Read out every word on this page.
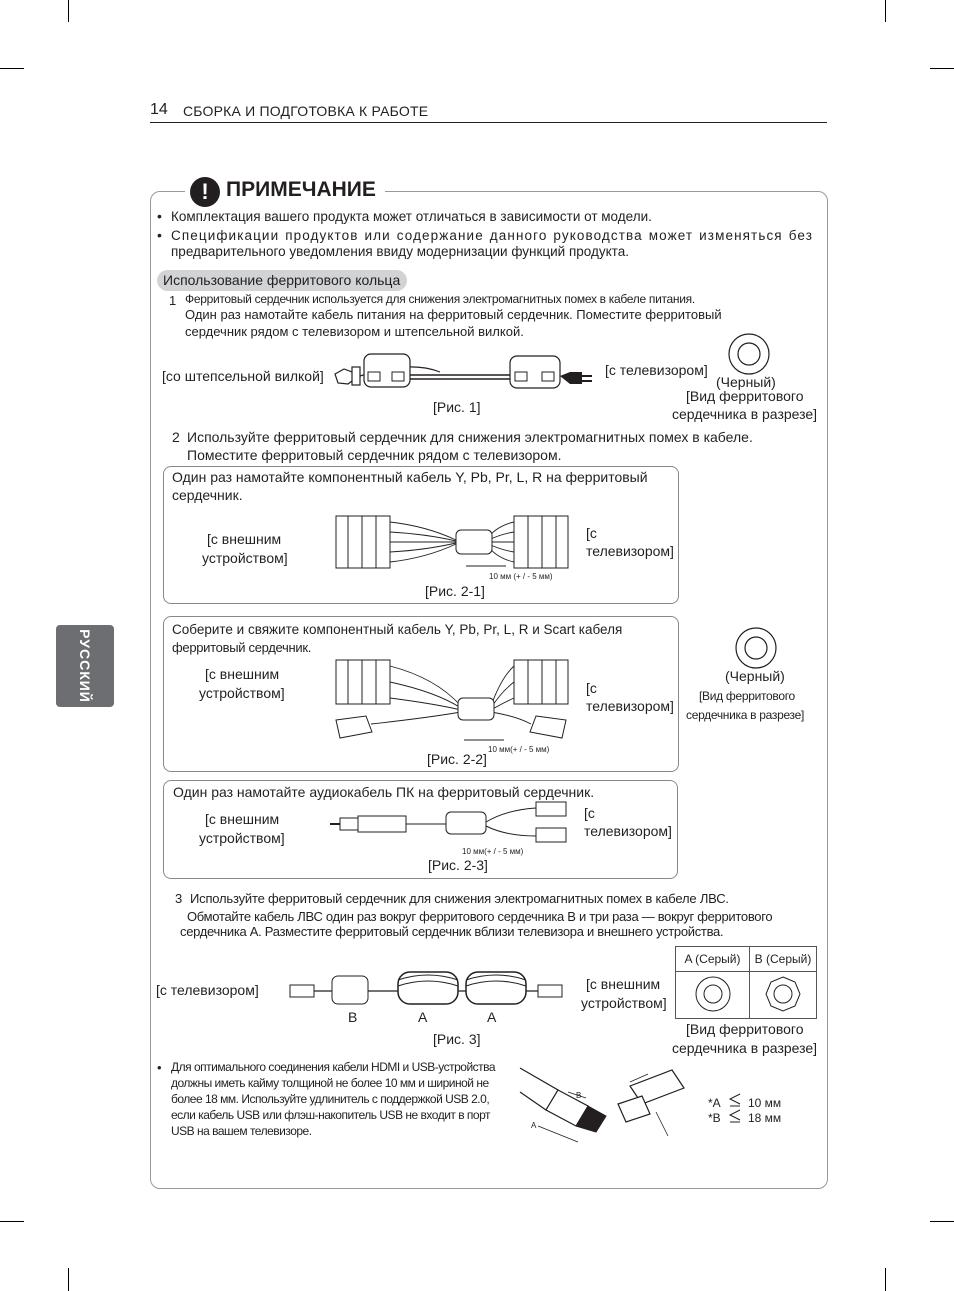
14 СБОРКА И ПОДГОТОВКА К РАБОТЕ
РУССКИЙ
! ПРИМЕЧАНИЕ
• Комплектация вашего продукта может отличаться в зависимости от модели.
• Спецификации продуктов или содержание данного руководства может изменяться без
предварительного уведомления ввиду модернизации функций продукта.
Использование ферритового кольца
1 Ферритовый сердечник используется для снижения электромагнитных помех в кабеле питания.
Один раз намотайте кабель питания на ферритовый сердечник. Поместите ферритовый
сердечник рядом с телевизором и штепсельной вилкой.
[со штепсельной вилкой]	[с телевизором]
[Рис. 1]
(Черный)
[Вид ферритового
сердечника в разрезе]
2 Используйте ферритовый сердечник для снижения электромагнитных помех в кабеле.
Поместите ферритовый сердечник рядом с телевизором.
Один раз намотайте компонентный кабель Y, Pb, Pr, L, R на ферритовый
сердечник.
[с внешним
устройством]
[с
телевизором]
10 мм (+ / - 5 мм)
[Рис. 2-1]
Соберите и свяжите компонентный кабель Y, Pb, Pr, L, R и Scart кабеля
ферритовый сердечник.
[с внешним
устройством]	[с
телевизором]
10 мм(+ / - 5 мм)
[Рис. 2-2]
(Черный)
[Вид ферритового
сердечника в разрезе]
Один раз намотайте аудиокабель ПК на ферритовый сердечник.
[с внешним
устройством]
[с
телевизором]
10 мм(+ / - 5 мм)
[Рис. 2-3]
3 Используйте ферритовый сердечник для снижения электромагнитных помех в кабеле ЛВС.
Обмотайте кабель ЛВС один раз вокруг ферритового сердечника B и три раза — вокруг ферритового
сердечника A. Разместите ферритовый сердечник вблизи телевизора и внешнего устройства.
[с телевизором]	[с внешним
устройством]
B	A	A
[Рис. 3]
A (Серый)	B (Серый)

[Вид ферритового
сердечника в разрезе]
• Для оптимального соединения кабели HDMI и USB-устройства
должны иметь кайму толщиной не более 10 мм и шириной не
более 18 мм. Используйте удлинитель с поддержкой USB 2.0,
если кабель USB или флэш-накопитель USB не входит в порт
USB на вашем телевизоре.	A
B
*A 10 мм
*B 18 мм
